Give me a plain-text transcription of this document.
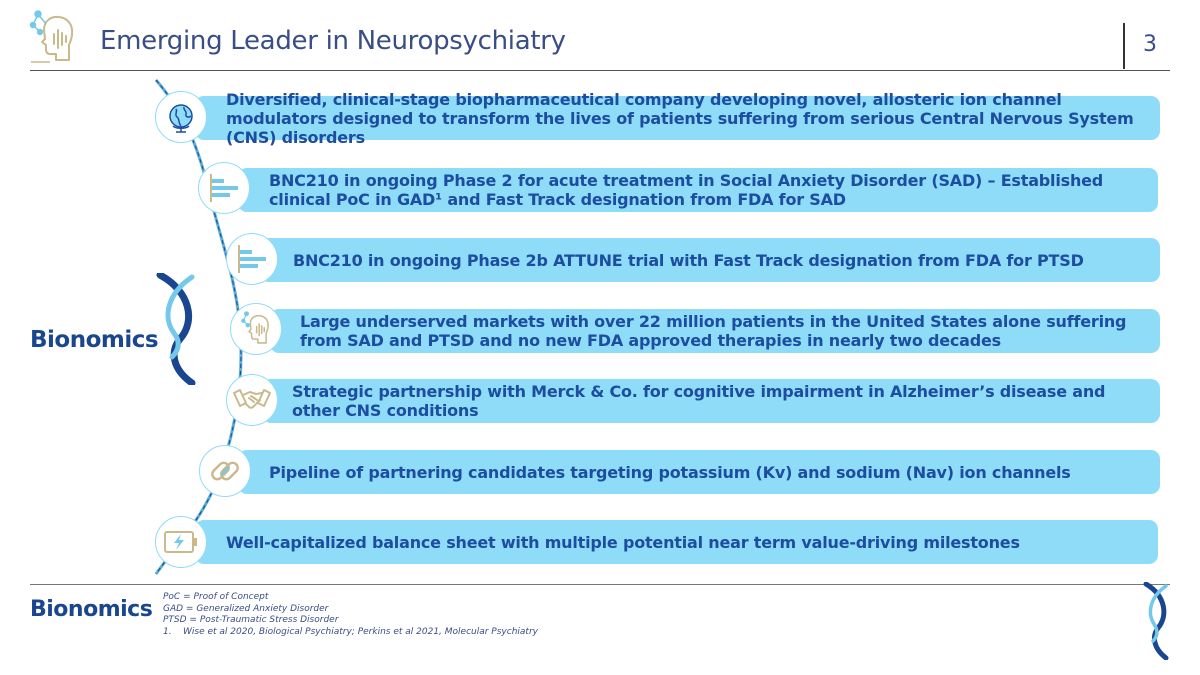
Emerging Leader in Neuropsychiatry	3
Bionomics
Diversified, clinical-stage biopharmaceutical company developing novel, allosteric ion channel modulators designed to transform the lives of patients suffering from serious Central Nervous System (CNS) disorders
BNC210 in ongoing Phase 2 for acute treatment in Social Anxiety Disorder (SAD) – Established clinical PoC in GAD¹ and Fast Track designation from FDA for SAD
BNC210 in ongoing Phase 2b ATTUNE trial with Fast Track designation from FDA for PTSD
Large underserved markets with over 22 million patients in the United States alone suffering from SAD and PTSD and no new FDA approved therapies in nearly two decades
Strategic partnership with Merck & Co. for cognitive impairment in Alzheimer’s disease and other CNS conditions
Pipeline of partnering candidates targeting potassium (Kv) and sodium (Nav) ion channels
Well-capitalized balance sheet with multiple potential near term value-driving milestones
Bionomics PoC = Proof of Concept
GAD = Generalized Anxiety Disorder
PTSD = Post-Traumatic Stress Disorder
1. Wise et al 2020, Biological Psychiatry; Perkins et al 2021, Molecular Psychiatry
